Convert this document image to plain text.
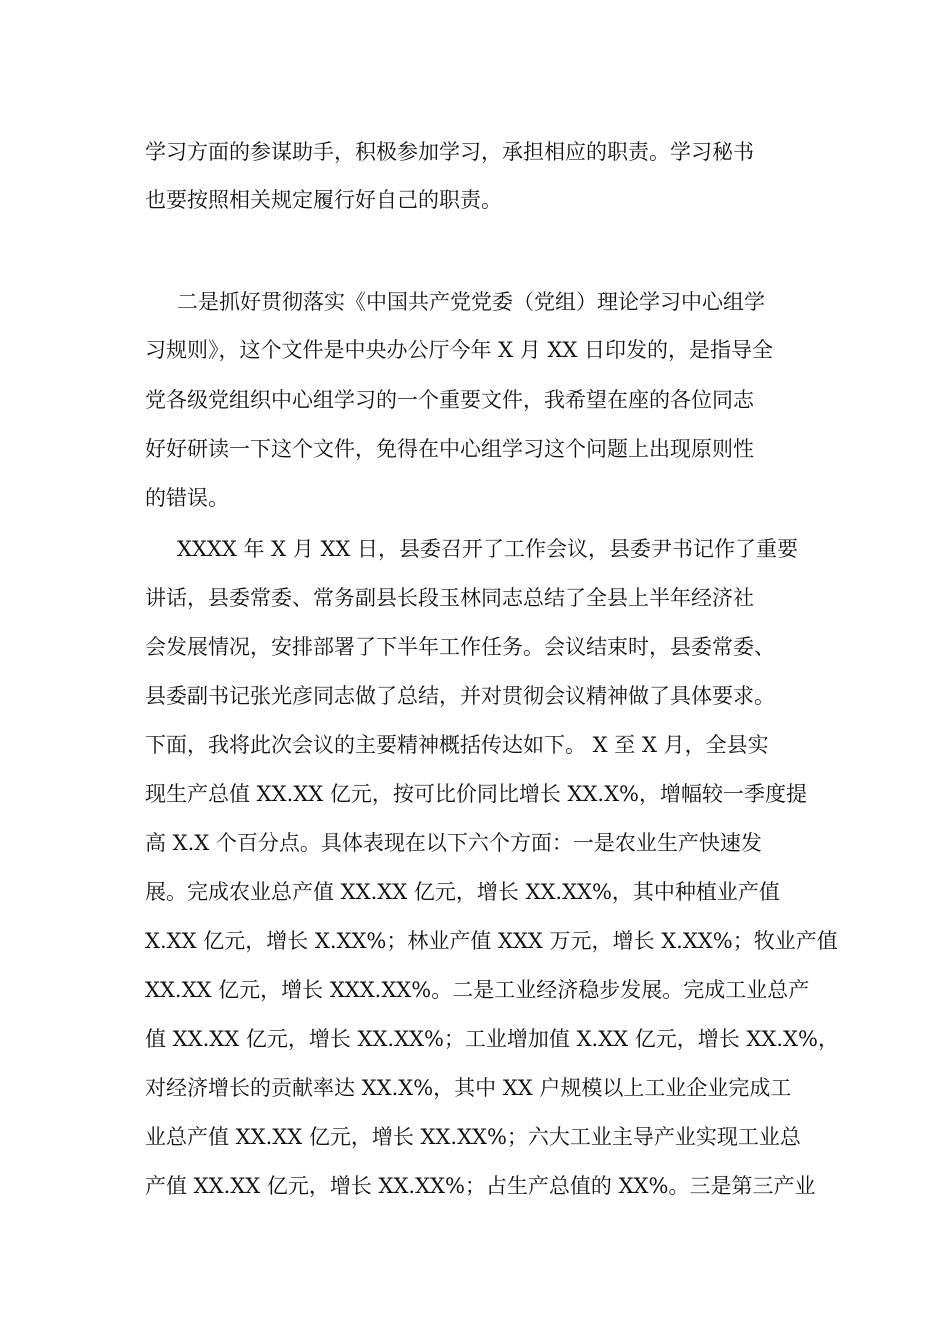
学习方面的参谋助手，积极参加学习，承担相应的职责。学习秘书
也要按照相关规定履行好自己的职责。
二是抓好贯彻落实《中国共产党党委（党组）理论学习中心组学
习规则》，这个文件是中央办公厅今年 X 月 XX 日印发的，是指导全
党各级党组织中心组学习的一个重要文件，我希望在座的各位同志
好好研读一下这个文件，免得在中心组学习这个问题上出现原则性
的错误。
XXXX 年 X 月 XX 日，县委召开了工作会议，县委尹书记作了重要
讲话，县委常委、常务副县长段玉林同志总结了全县上半年经济社
会发展情况，安排部署了下半年工作任务。会议结束时，县委常委、
县委副书记张光彦同志做了总结，并对贯彻会议精神做了具体要求。
下面，我将此次会议的主要精神概括传达如下。 X 至 X 月，全县实
现生产总值 XX.XX 亿元，按可比价同比增长 XX.X%，增幅较一季度提
高 X.X 个百分点。具体表现在以下六个方面：一是农业生产快速发
展。完成农业总产值 XX.XX 亿元，增长 XX.XX%，其中种植业产值
X.XX 亿元，增长 X.XX%；林业产值 XXX 万元，增长 X.XX%；牧业产值
XX.XX 亿元，增长 XXX.XX%。二是工业经济稳步发展。完成工业总产
值 XX.XX 亿元，增长 XX.XX%；工业增加值 X.XX 亿元，增长 XX.X%，
对经济增长的贡献率达 XX.X%，其中 XX 户规模以上工业企业完成工
业总产值 XX.XX 亿元，增长 XX.XX%；六大工业主导产业实现工业总
产值 XX.XX 亿元，增长 XX.XX%；占生产总值的 XX%。三是第三产业
